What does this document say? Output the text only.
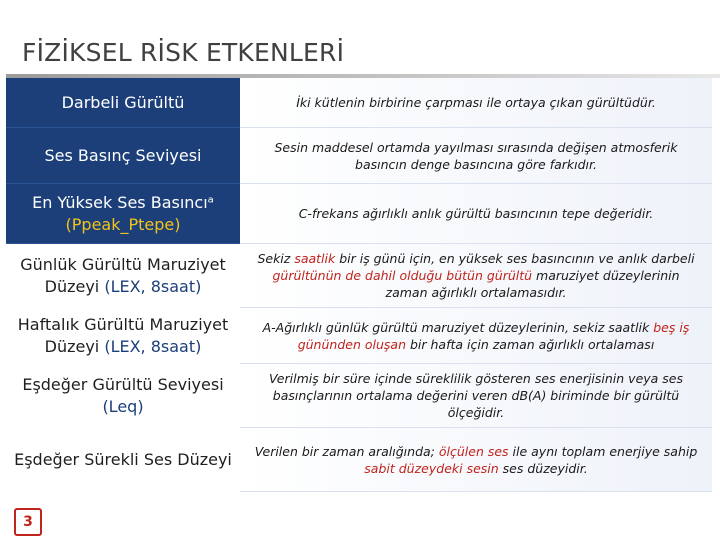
FİZİKSEL RİSK ETKENLERİ
Darbeli Gürültü	İki kütlenin birbirine çarpması ile ortaya çıkan gürültüdür.
Ses Basınç Seviyesi	Sesin maddesel ortamda yayılması sırasında değişen atmosferik basıncın denge basıncına göre farkıdır.
En Yüksek Ses Basıncıᵃ
(Ppeak_Ptepe)
C-frekans ağırlıklı anlık gürültü basıncının tepe değeridir.
Günlük Gürültü Maruziyet
Düzeyi (LEX, 8saat)
Sekiz saatlik bir iş günü için, en yüksek ses basıncının ve anlık darbeli gürültünün de dahil olduğu bütün gürültü maruziyet düzeylerinin zaman ağırlıklı ortalamasıdır.
Haftalık Gürültü Maruziyet
Düzeyi (LEX, 8saat)
A-Ağırlıklı günlük gürültü maruziyet düzeylerinin, sekiz saatlik beş iş gününden oluşan bir hafta için zaman ağırlıklı ortalaması
Eşdeğer Gürültü Seviyesi
(Leq)
Verilmiş bir süre içinde süreklilik gösteren ses enerjisinin veya ses basınçlarının ortalama değerini veren dB(A) biriminde bir gürültü ölçeğidir.
Eşdeğer Sürekli Ses Düzeyi Verilen bir zaman aralığında; ölçülen ses ile aynı toplam enerjiye sahip sabit düzeydeki sesin ses düzeyidir.
3
